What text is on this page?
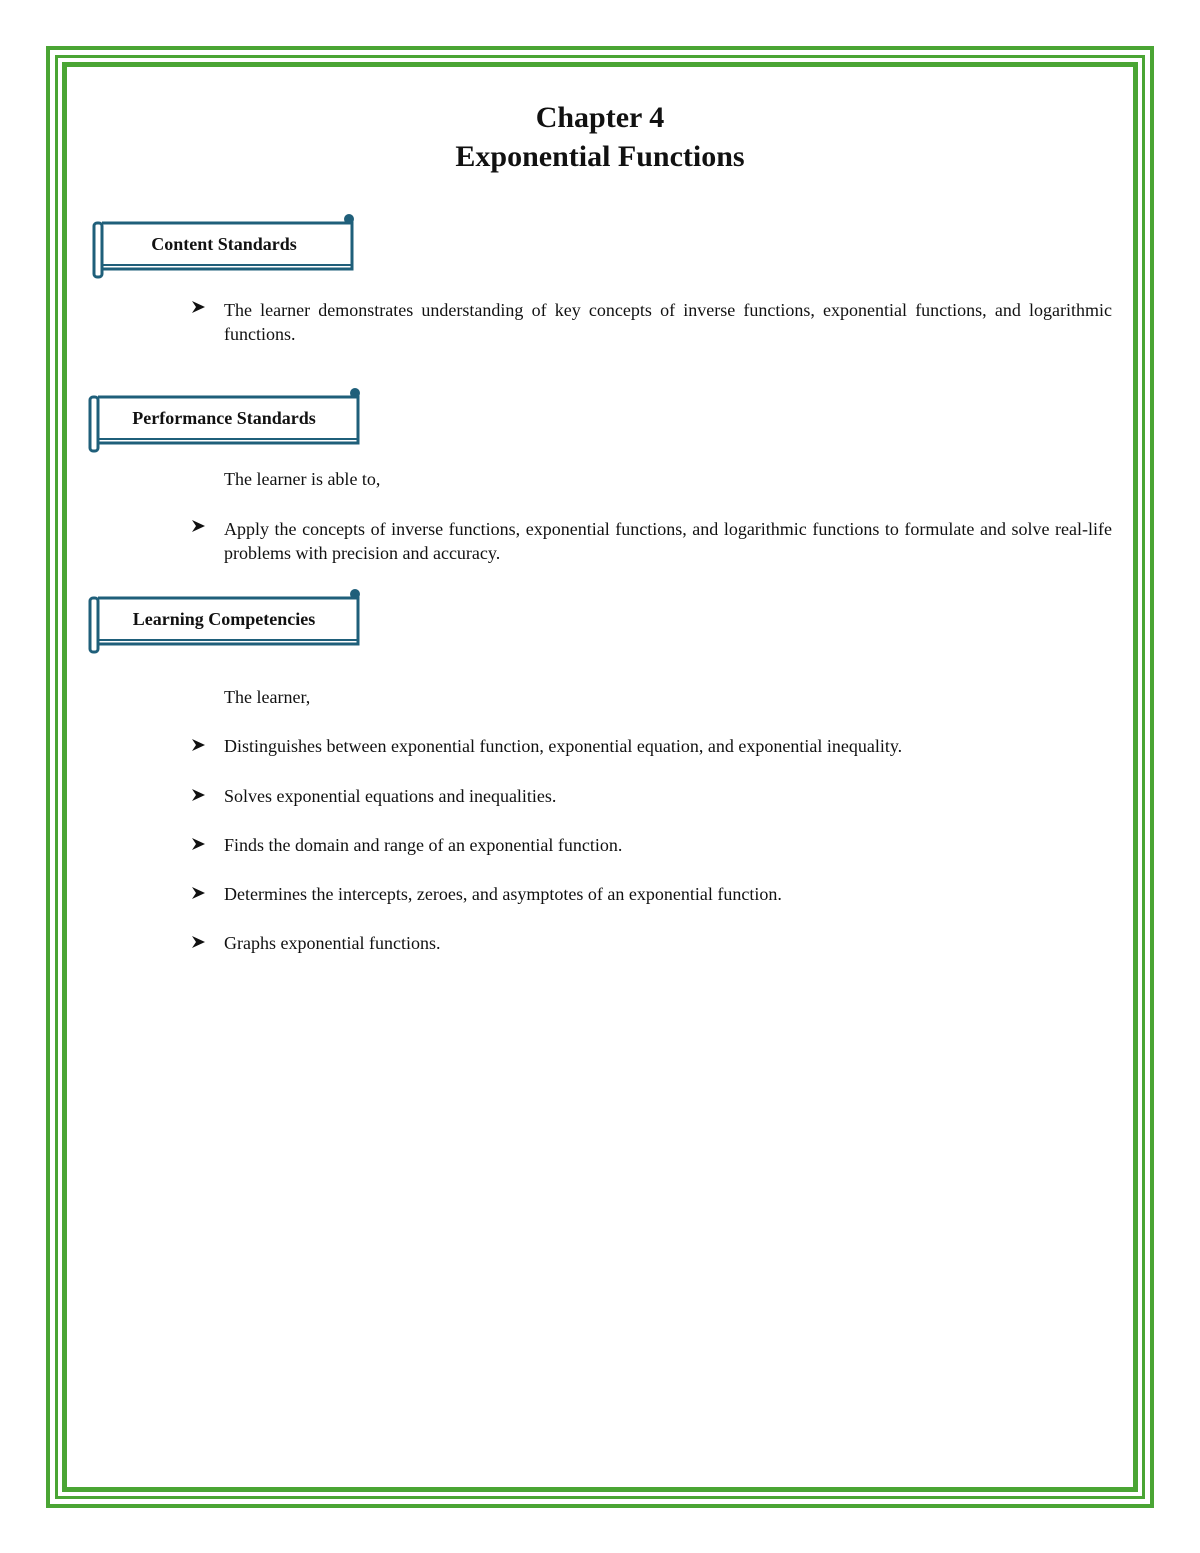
Chapter 4
Exponential Functions
Content Standards
The learner demonstrates understanding of key concepts of inverse functions, exponential functions, and logarithmic functions.
Performance Standards
The learner is able to,
Apply the concepts of inverse functions, exponential functions, and logarithmic functions to formulate and solve real-life problems with precision and accuracy.
Learning Competencies
The learner,
Distinguishes between exponential function, exponential equation, and exponential inequality.
Solves exponential equations and inequalities.
Finds the domain and range of an exponential function.
Determines the intercepts, zeroes, and asymptotes of an exponential function.
Graphs exponential functions.
